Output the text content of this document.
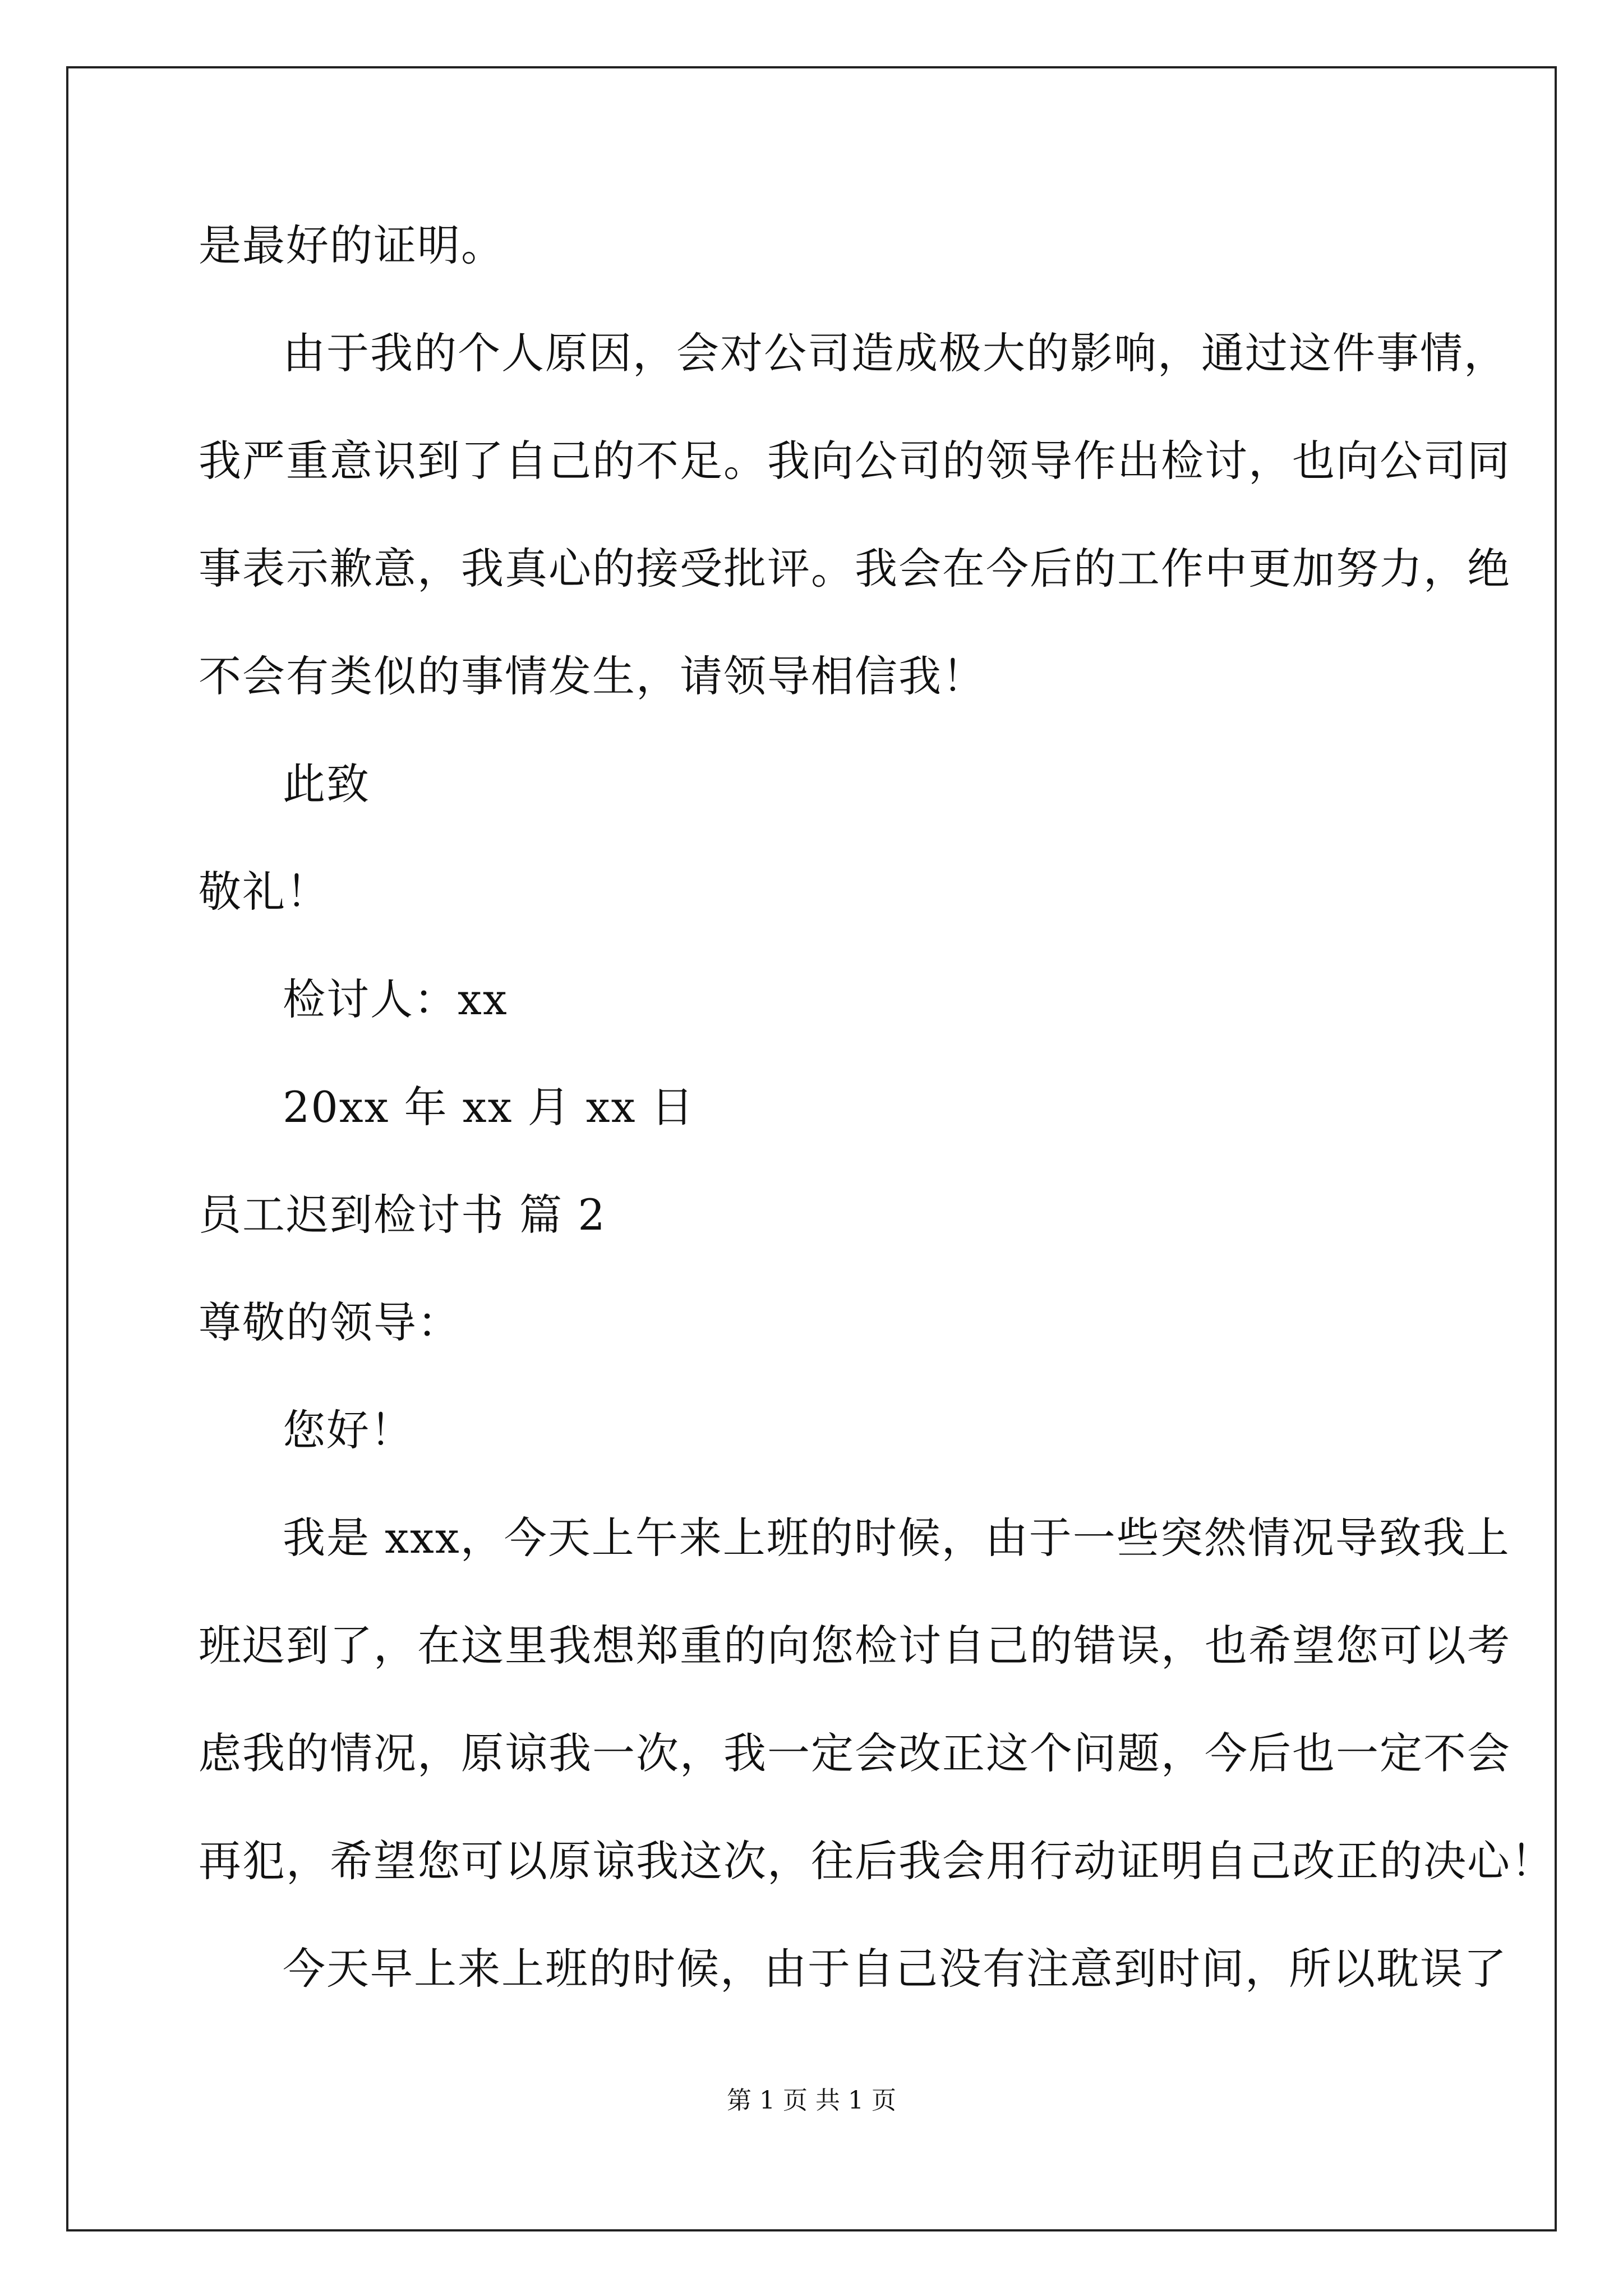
是最好的证明。
由于我的个人原因，会对公司造成极大的影响，通过这件事情，
我严重意识到了自己的不足。我向公司的领导作出检讨，也向公司同
事表示歉意，我真心的接受批评。我会在今后的工作中更加努力，绝
不会有类似的事情发生，请领导相信我！
此致
敬礼！
检讨人：xx
20xx 年 xx 月 xx 日
员工迟到检讨书 篇 2
尊敬的领导：
您好！
我是 xxx，今天上午来上班的时候，由于一些突然情况导致我上
班迟到了，在这里我想郑重的向您检讨自己的错误，也希望您可以考
虑我的情况，原谅我一次，我一定会改正这个问题，今后也一定不会
再犯，希望您可以原谅我这次，往后我会用行动证明自己改正的决心！
今天早上来上班的时候，由于自己没有注意到时间，所以耽误了
第 1 页 共 1 页
